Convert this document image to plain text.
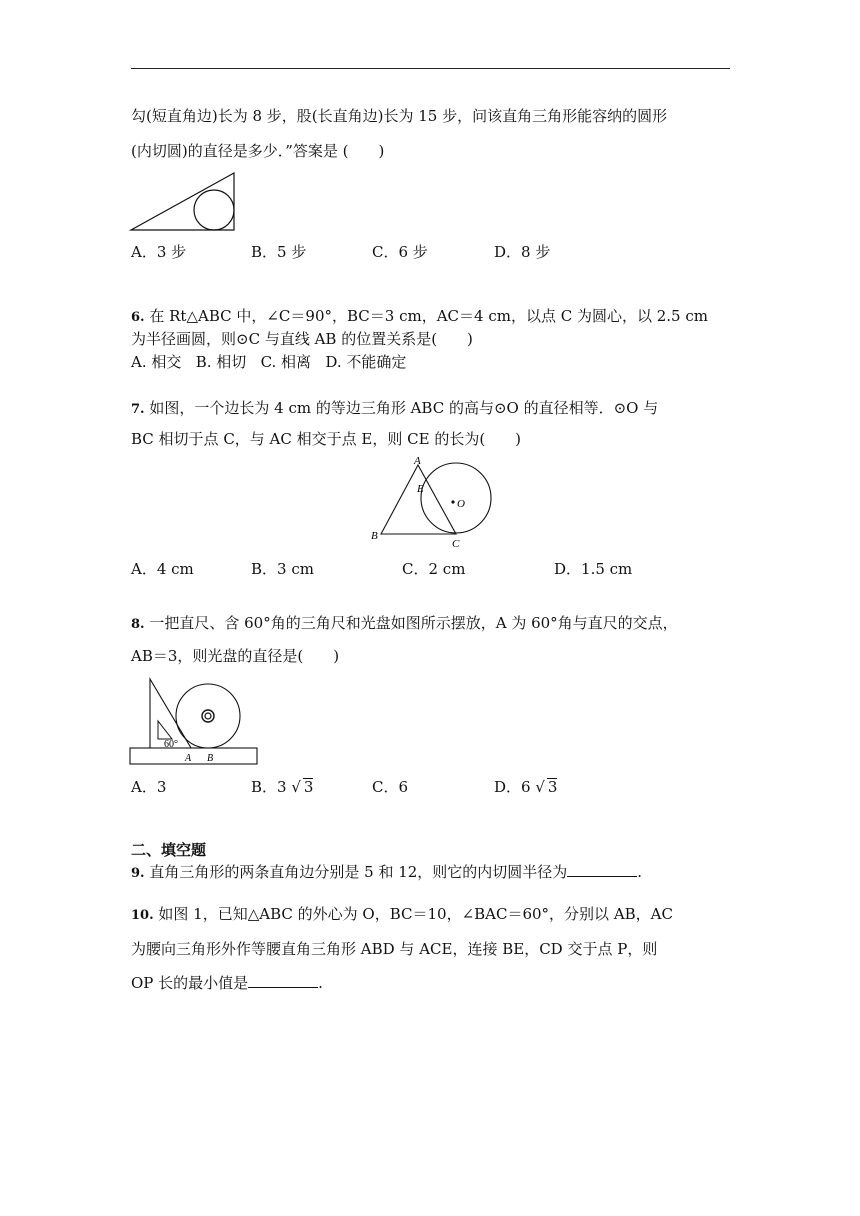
勾(短直角边)长为 8 步，股(长直角边)长为 15 步，问该直角三角形能容纳的圆形
(内切圆)的直径是多少．”答案是 (　　)
A．3 步	B．5 步	C．6 步	D．8 步
6. 在 Rt△ABC 中，∠C＝90°，BC＝3 cm，AC＝4 cm，以点 C 为圆心，以 2.5 cm
为半径画圆，则⊙C 与直线 AB 的位置关系是(　　)
A. 相交 B. 相切 C. 相离 D. 不能确定
7. 如图，一个边长为 4 cm 的等边三角形 ABC 的高与⊙O 的直径相等．⊙O 与
BC 相切于点 C，与 AC 相交于点 E，则 CE 的长为(　　)
A
E
O
B
C
A．4 cm	B．3 cm	C．2 cm	D．1.5 cm
8. 一把直尺、含 60°角的三角尺和光盘如图所示摆放，A 为 60°角与直尺的交点，
AB＝3，则光盘的直径是(　　)
60°
A B
A．3	B．3 √ 3	C．6	D．6 √ 3
二、填空题
9. 直角三角形的两条直角边分别是 5 和 12，则它的内切圆半径为	.
10. 如图 1，已知△ABC 的外心为 O，BC＝10，∠BAC＝60°，分别以 AB，AC
为腰向三角形外作等腰直角三角形 ABD 与 ACE，连接 BE，CD 交于点 P，则
OP 长的最小值是	.
